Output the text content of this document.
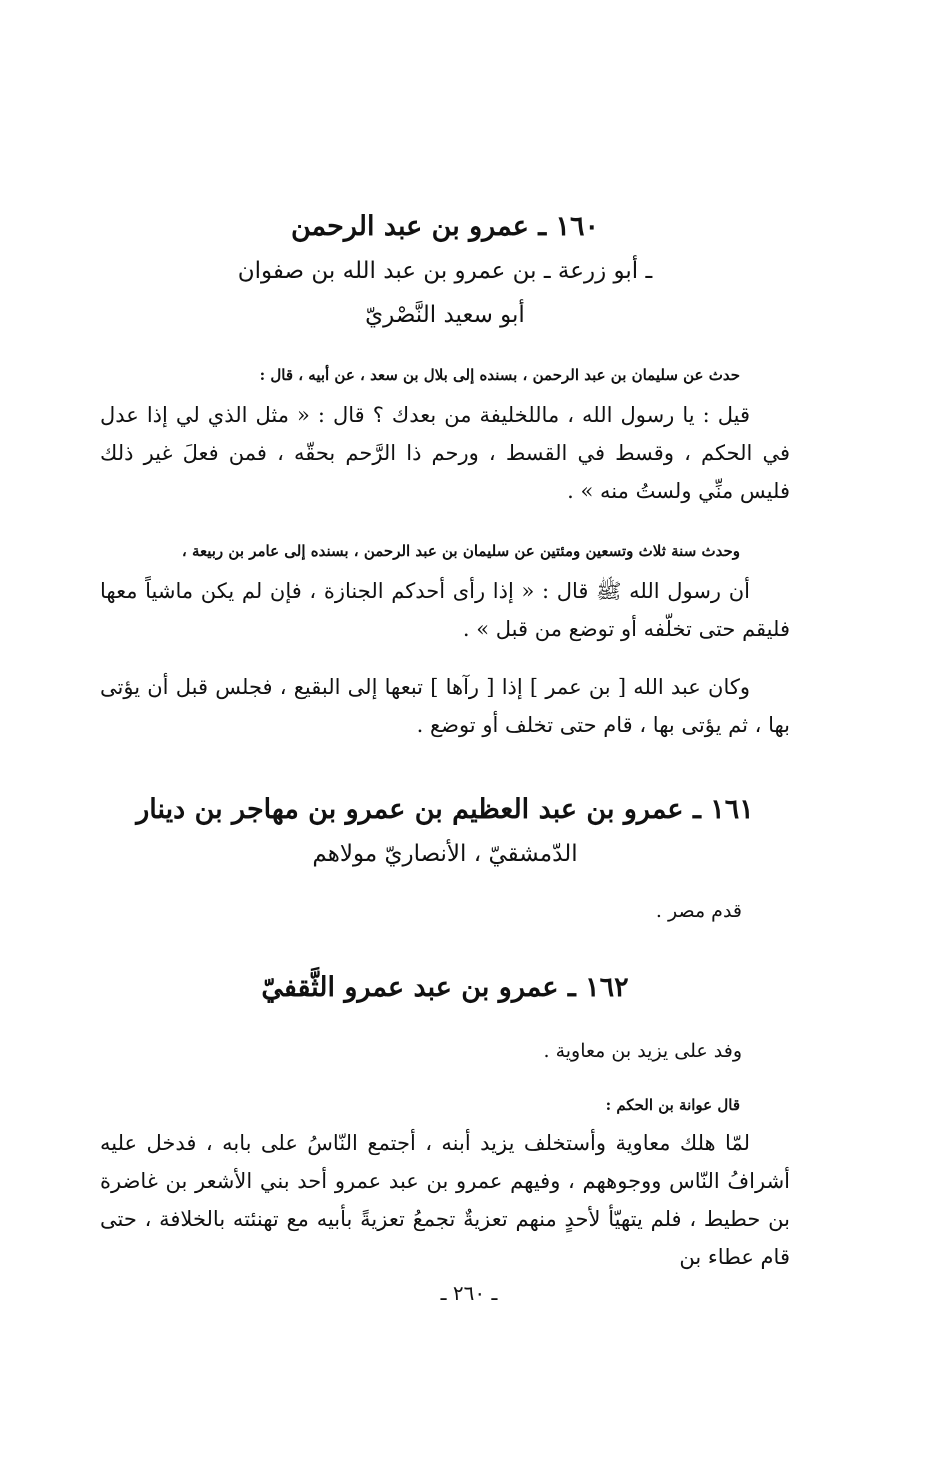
١٦٠ ـ عمرو بن عبد الرحمن

ـ أبو زرعة ـ بن عمرو بن عبد الله بن صفوان

أبو سعيد النَّصْريّ

حدث عن سليمان بن عبد الرحمن ، بسنده إلى بلال بن سعد ، عن أبيه ، قال :

قيل : يا رسول الله ، ماللخليفة من بعدك ؟ قال : « مثل الذي لي إذا عدل في الحكم ، وقسط في القسط ، ورحم ذا الرَّحم بحقّه ، فمن فعلَ غير ذلك فليس منِّي ولستُ منه » .

وحدث سنة ثلاث وتسعين ومئتين عن سليمان بن عبد الرحمن ، بسنده إلى عامر بن ربيعة ،

أن رسول الله ﷺ قال : « إذا رأى أحدكم الجنازة ، فإن لم يكن ماشياً معها فليقم حتى تخلّفه أو توضع من قبل » .

وكان عبد الله [ بن عمر ] إذا [ رآها ] تبعها إلى البقيع ، فجلس قبل أن يؤتى بها ، ثم يؤتى بها ، قام حتى تخلف أو توضع .

١٦١ ـ عمرو بن عبد العظيم بن عمرو بن مهاجر بن دينار

الدّمشقيّ ، الأنصاريّ مولاهم

قدم مصر .

١٦٢ ـ عمرو بن عبد عمرو الثَّقفيّ

وفد على يزيد بن معاوية .

قال عوانة بن الحكم :

لمّا هلك معاوية وأستخلف يزيد أبنه ، أجتمع النّاسُ على بابه ، فدخل عليه أشرافُ النّاس ووجوههم ، وفيهم عمرو بن عبد عمرو أحد بني الأشعر بن غاضرة بن حطيط ، فلم يتهيّأ لأحدٍ منهم تعزيةٌ تجمعُ تعزيةً بأبيه مع تهنئته بالخلافة ، حتى قام عطاء بن

ـ ٢٦٠ ـ
